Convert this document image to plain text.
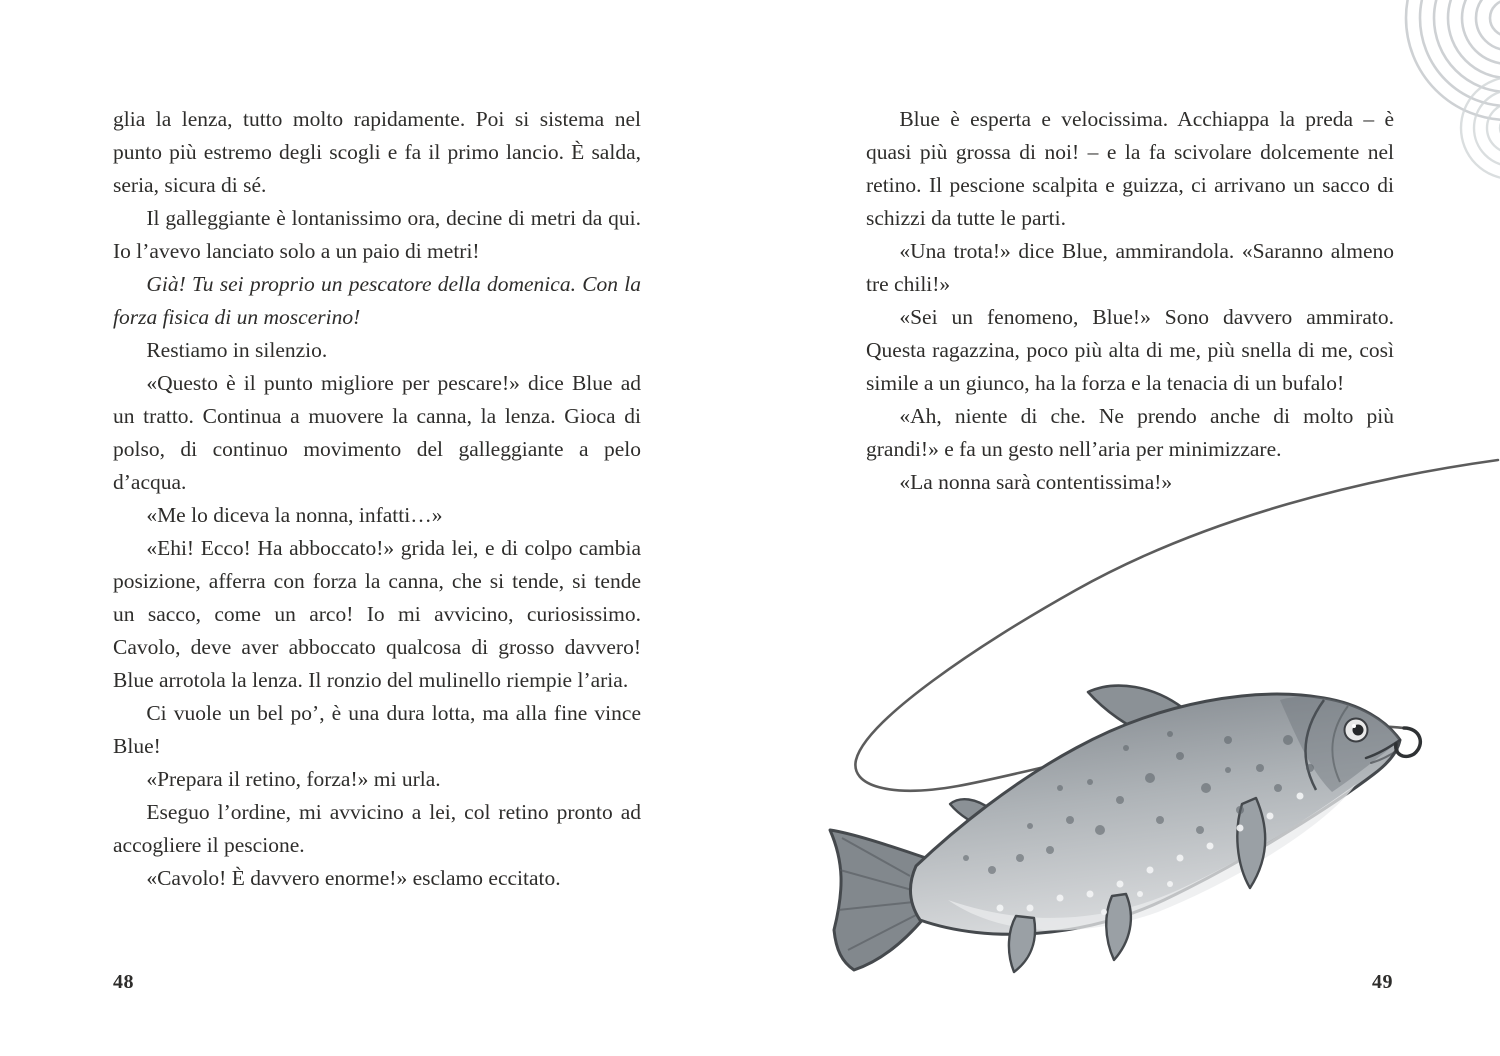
glia la lenza, tutto molto rapidamente. Poi si sistema nel punto più estremo degli scogli e fa il primo lancio. È salda, seria, sicura di sé.

Il galleggiante è lontanissimo ora, decine di metri da qui. Io l’avevo lanciato solo a un paio di metri!

Già! Tu sei proprio un pescatore della domenica. Con la forza fisica di un moscerino!

Restiamo in silenzio.

«Questo è il punto migliore per pescare!» dice Blue ad un tratto. Continua a muovere la canna, la lenza. Gioca di polso, di continuo movimento del galleggiante a pelo d’acqua.

«Me lo diceva la nonna, infatti…»

«Ehi! Ecco! Ha abboccato!» grida lei, e di colpo cambia posizione, afferra con forza la canna, che si tende, si tende un sacco, come un arco! Io mi avvicino, curiosissimo. Cavolo, deve aver abboccato qualcosa di grosso davvero! Blue arrotola la lenza. Il ronzio del mulinello riempie l’aria.

Ci vuole un bel po’, è una dura lotta, ma alla fine vince Blue!

«Prepara il retino, forza!» mi urla.

Eseguo l’ordine, mi avvicino a lei, col retino pronto ad accogliere il pescione.

«Cavolo! È davvero enorme!» esclamo eccitato.

Blue è esperta e velocissima. Acchiappa la preda – è quasi più grossa di noi! – e la fa scivolare dolcemente nel retino. Il pescione scalpita e guizza, ci arrivano un sacco di schizzi da tutte le parti.

«Una trota!» dice Blue, ammirandola. «Saranno almeno tre chili!»

«Sei un fenomeno, Blue!» Sono davvero ammirato. Questa ragazzina, poco più alta di me, più snella di me, così simile a un giunco, ha la forza e la tenacia di un bufalo!

«Ah, niente di che. Ne prendo anche di molto più grandi!» e fa un gesto nell’aria per minimizzare.

«La nonna sarà contentissima!»

48	49
